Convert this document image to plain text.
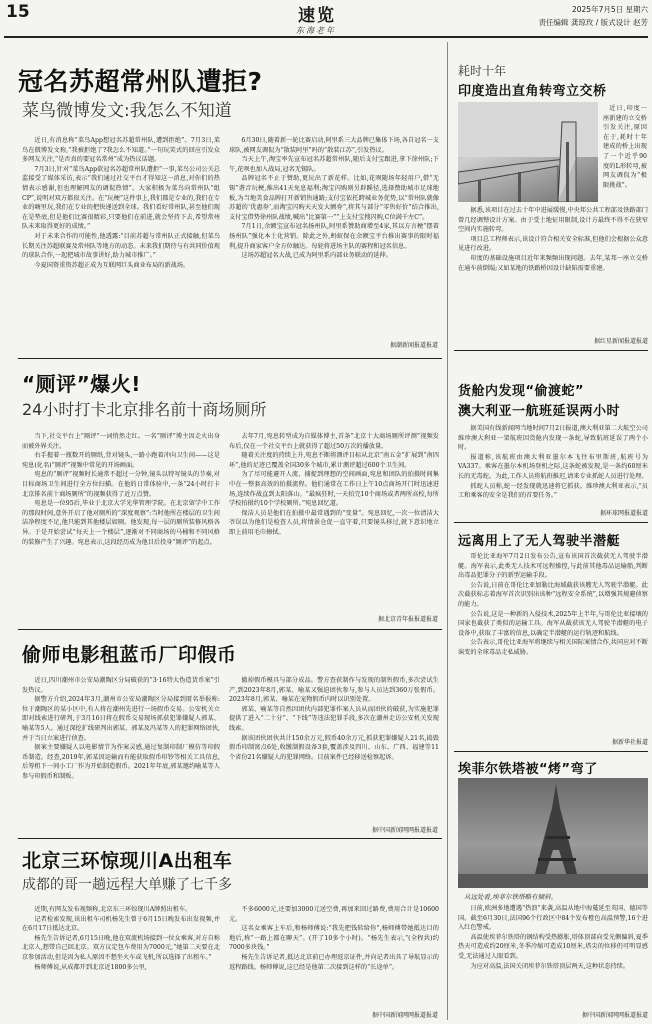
15	速览
东海老年
2025年7月5日 星期六
责任编辑 龚琼玫 / 版式设计 赵芳
冠名苏超常州队遭拒?
菜鸟微博发文:我怎么不知道

近日,有消息称“菜鸟App想冠名苏超常州队,遭到拒绝”。7月3日,菜鸟在微博发文称,“我被拒绝了?我怎么不知道。”一句玩笑式的回应引发众多网友关注,“是否真的要冠名常州”成为热议话题。

7月3日,针对“菜鸟App欲冠名苏超常州队遭拒”一事,菜鸟公司公关总监接受了媒体采访,表示“我们通过社交平台才得知这一消息,对你们的热情表示感谢,但也理解网友的调侃热情”。大家积极为菜鸟向常州队“组CP”,说明对双方都很关注。在“玩梗”这件事上,我们都是专业的,我们在专业的嗨里玩,我们在专业的把快递送到全球。我们看好常州队,甚至他们现在是垫底,但是他们比赛很精彩,只要他们在前进,就会坚持下去,希望常州队未来取得更好的成绩。”

对于未来合作的可能性,他透露:“目前苏超与常州队正式接触,但菜鸟长期关注苏超联赛及常州队等地方的动态。未来我们期待与有共同价值观的球队合作,一起把城市故事讲好,助力城市推广。”

今夏国资重资苏超正成为互联网巨头商业布局的新战场。

6月30日,随着新一轮比赛启动,阿里系三大品牌已集体下场,各自冠名一支球队,被网友调侃为“散装阿里”吗的“散装江苏”,引发热议。

当天上午,淘宝率先宣布冠名苏超常州队,随后支付宝跟进,拿下徐州队;下午,花呗也加入战局,冠名无锡队。

品牌冠名不止于赞助,更玩出了新花样。比如,花呗随场年轻用户,借“无锡”谐音玩梗,推出41天免息福利;淘宝闪购则另辟蹊径,选择赞助城市足球地板,为当地美食品牌打开新销售通路;支付宝依托跨城业务优势,以“常州队就像苏超的‘优惠券’,而淘宝闪购天天发大额券”,将其与部分“零售好价”结合推出,支付宝借势徐州队战绩,喊出“比赛第一”“上支付宝搜闪购,C位满千左C”。

7月1日,余额宝宣布冠名扬州队,阿里系赞助商增至4家,其以方言梗“摆着扬州队”强化本土化营销。除此之外,蚂蚁保在余额宝平台推出赛事的限时福利,提升商家客户全方位触达。每轮将进场主队的赛程和冠名信息。

这场苏超冠名大战,已成为阿里系内部业务联动的延伸。

据潮新闻报道报道
“厕评”爆火!
24小时打卡北京排名前十商场厕所

当下,社交平台上“厕评”一词悄然走红。一名“厕评”博主因走火出身而被外界关注。

右手握着一瓶数开的厕纸,背对镜头,一路小跑着冲向卫生间——这是宛息(化名)“厕评”视频中常见的开场画面。

宛息的“厕评”视频时长通常不超过一分钟,镜头以特写镜头的节奏,对目标商场卫生间进行全方位扫描。在他的日常体验中,一条“24小时打卡北京排名前十商场厕所”的视频获得了近万点赞。

宛息是一位95后,毕业于北京大学光华管理学院。在北京留学中工作的那段时间,意外开启了他对厕所的“深度观察”:当时他所在楼层的卫生间洁净程度不足,他只能到其他楼层如厕。他发现,每一层的厕所装修风格各异。于是开始尝试“每天上一个楼层”,逐渐对不同商场的马桶和不同风格的装修产生了兴趣。宛息表示,这段经历成为他目后投身“厕评”的起点。

去年7月,宛息转型成为自媒体博主,首条“北京十大商场厕所评测”视频发布后,仅在一个社交平台上就获得了超过50万次的播放量。

随着关注度的持续上升,宛息不断将测评目标从北京“南五金”扩展到“南四环”,他的足迹已覆盖全国30多个城市,累计测评超过600个卫生间。

为了尽可能避开人流、捕捉到理想的空间画面,宛息和团队的拍摄时间集中在一整套高效的拍摄流程。他们通常在工作日上午10点商场开门时迅速进场,连续作战直到太阳落山。“最疯狂时,一天拍完10个商场或者两所高校,每所学校拍摄约10个学校厕所。”宛息回忆道。

保洁人员是他们在拍摄中最常遇到的“变量”。宛息回忆,一次一位清洁大爷误以为他们是检查人员,将情景仓促一直守着,只要镜头移过,就下意识地立即上前用毛巾擦拭。

据北京青年报报道报道
偷师电影租蓝币厂印假币

近日,四川潮州市公安局潮陶区分局破获的“3·16特大伪造货币案”引发热议。

据警方介绍,2024年3月,潮州市公安局潮陶区分局接到匿名举报称:位于潮陶区的某小区中,有人将在潮州先进行一场假币交易。公安机关立即对线索进行研判,于3月16日将在假币交易现场抓获犯罪嫌疑人郭某、喻某等5人。通过深挖扩线研判出郭某、郭某及冯某等人的犯罪网络团伙,并于当日立案进行侦查。

据案主要嫌疑人以电影情节为作案灵感,通过复制印制厂模仿等印假币制造。经查,2019年,郭某因运输而有能获取假币印钞等相关工具信息,后筹租下一间小工厂作为开始制造假币。2021年年底,郭某邀约喻某等人参与印假币和制贩。

撤掉假币模具与部分成品。警方查获制作与发现的制售假币,多次尝试生产,到2023年8月,郭某、喻某又强迫团伙参与,参与人员达到360万张假币。2023年8月,郭某、喻某在宠物假币内时以识别处置。

郭某、喻某等自然因团伙内部犯罪作案人员从而团伙的破获,为实施犯罪提供了进入“二十分”、“下线”等违法犯罪手段,多次在潮州走访公安机关发现线索。

据该团伙团伙共计150余万元,假币40余万元,抓获犯罪嫌疑人21名,捣毁假币印制窝点6处,收缴制假设备3套,覆盖涉及四川、山东、广西、福建等11个省份21名嫌疑人的犯罪网络。目前案件已经移送检察起诉。

据中国新闻网网报道报道
北京三环惊现川A出租车
成都的哥一趟远程大单赚了七千多

近期,有网友发布视频称,北京东三环惊现川A牌照出租车。

记者检索发现,该出租车司机杨先生曾于6月15日晚发布出发视频,并在6月17日抵达北京。

杨先生告诉记者,6月15日晚,他在双流机场接到一位女乘客,对方自称北京人,想带自己回北京。双方议定包车费用为7000元,“她第二天要在北京参加活动,但是因为私人原因不想坐火车或飞机,所以选择了出租车。”

杨师傅说,从成都开到北京近1800多公里,

不多6000元,还要加3000元送空费,再加来回过路费,费用合计是10600元。

这名女乘客上车后,和杨师傅说:“我先把钱转给你”,杨师傅带她抵达目的地后,称“一路上都在聊天”。(开了10多个小时)。“杨先生表示,“(全程共)约7000多块钱。”

杨先生告诉记者,抵达北京前已办理返京证件,并向记者出具了导航显示的返程路线。杨师傅说,这已经是他第二次接到这样的“长途单”。

据中国新闻网网报道报道
耗时十年
印度造出直角转弯立交桥

近日,印度一座新建的立交桥引发关注,原因在于,耗时十年建成的桥上出现了一个近乎90度的L形转弯,被网友调侃为“极限挑战”。

据悉,该项目在过去十年中进展缓慢,中央邦公共工程部及铁路部门曾几经调整设计方案。由于受土地征用限制,设计方最终不得不在狭窄空间内实施转弯。

项目总工程师表示,该设计符合相关安全标准,但他们会根据公众意见进行改进。

印度的基础设施项目近年来频频出现问题。去年,某邦一座立交桥在通车前倒塌;又如某地的铁路桥因设计缺陷需要重建。

据红星新闻报道报道
货舱内发现“偷渡蛇”
澳大利亚一航班延误两小时

据美国有线新闻网当地时间7月2日报道,澳大利亚第二大航空公司维珍澳大利亚一架航班因货舱内发现一条蛇,导致航班延误了两个小时。

报道称,该航班由澳大利亚墨尔本飞往布里斯班,航班号为VA337。乘客在墨尔本机场登机之际,这条蛇被发现,是一条约60厘米长的无毒蛇。为此,工作人员将航班推迟,请来专业抓蛇人员进行处理。

抓蛇人员称,蛇一经发现就迅速将它抓获。维珍澳大利亚表示,“员工和乘客的安全是我们的首要任务。”

据环球网报道报道
远离用上了无人驾驶半潜艇

哥伦比亚海军7月2日发布公告,宣布该国首次截获无人驾驶半潜艇。海军表示,此类无人技术可远程操控,与此前其他毒品运输船,判断出毒品犯罪分子的新型运输手段。

公告说,日前在哥伦比亚加勒比海域截获该艘无人驾驶半潜艇。此次截获标志着海军首次识别出该种“远程安全系统”,以增强其规避侦察的能力。

公告说,这是一种新的入侵技术,2025年上半年,与哥伦比亚接壤的国家也截获了类似的运输工具。海军从截获该无人驾驶半潜艇的电子设备中,获取了丰富的信息,以确定半潜艇的运行轨迹和航线。

公告表示,哥伦比亚海军将继续与相关国际案情合作,共同应对不断演变的全球毒品走私威胁。

据新华社报道
埃菲尔铁塔被“烤”弯了
从远处看,埃菲尔铁塔略有倾斜。

日前,欧洲多地遭遇“热浪”来袭,高温从地中海蔓延至英国、德国等国。截至6月30日,法国96个行政区中84个发布橙色高温预警,16个进入红色警戒。

高温使埃菲尔铁塔的钢结构受热膨胀,塔体顶部向受光侧偏斜,夏季热天可造成约20厘米,冬季冷缩可造成10厘米,塔尖的位移仍可明显感受,无法通过人眼看到。

为应对高温,法国关闭埃菲尔铁塔顶层两天,这种状态持续。

据中国新闻网网报道报道
